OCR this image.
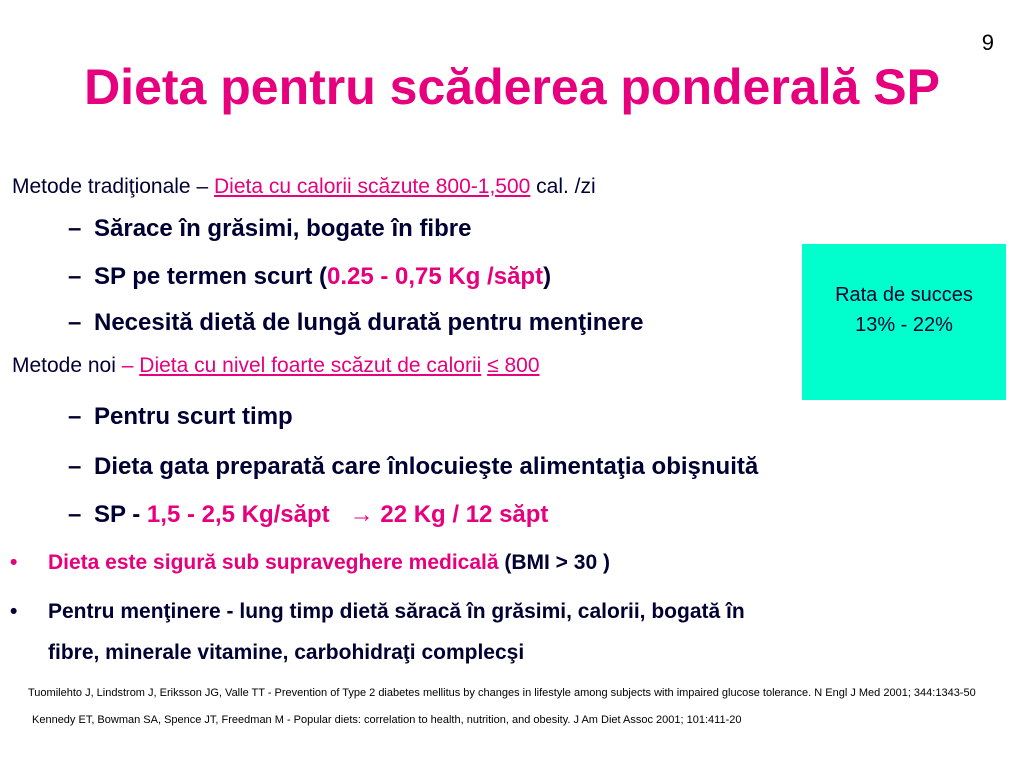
9
Dieta pentru scăderea ponderală SP
Metode tradiţionale – Dieta cu calorii scăzute 800-1,500 cal. /zi
– Sărace în grăsimi, bogate în fibre
– SP pe termen scurt (0.25 - 0,75 Kg /săpt)
– Necesită dietă de lungă durată pentru menţinere
Metode noi – Dieta cu nivel foarte scăzut de calorii ≤ 800
– Pentru scurt timp
– Dieta gata preparată care înlocuieşte alimentaţia obişnuită
– SP - 1,5 - 2,5 Kg/săpt → 22 Kg / 12 săpt
• Dieta este sigură sub supraveghere medicală (BMI > 30 )
• Pentru menţinere - lung timp dietă săracă în grăsimi, calorii, bogată în
fibre, minerale vitamine, carbohidraţi complecşi
Rata de succes
13% - 22%
Tuomilehto J, Lindstrom J, Eriksson JG, Valle TT - Prevention of Type 2 diabetes mellitus by changes in lifestyle among subjects with impaired glucose tolerance. N Engl J Med 2001; 344:1343-50
Kennedy ET, Bowman SA, Spence JT, Freedman M - Popular diets: correlation to health, nutrition, and obesity. J Am Diet Assoc 2001; 101:411-20
